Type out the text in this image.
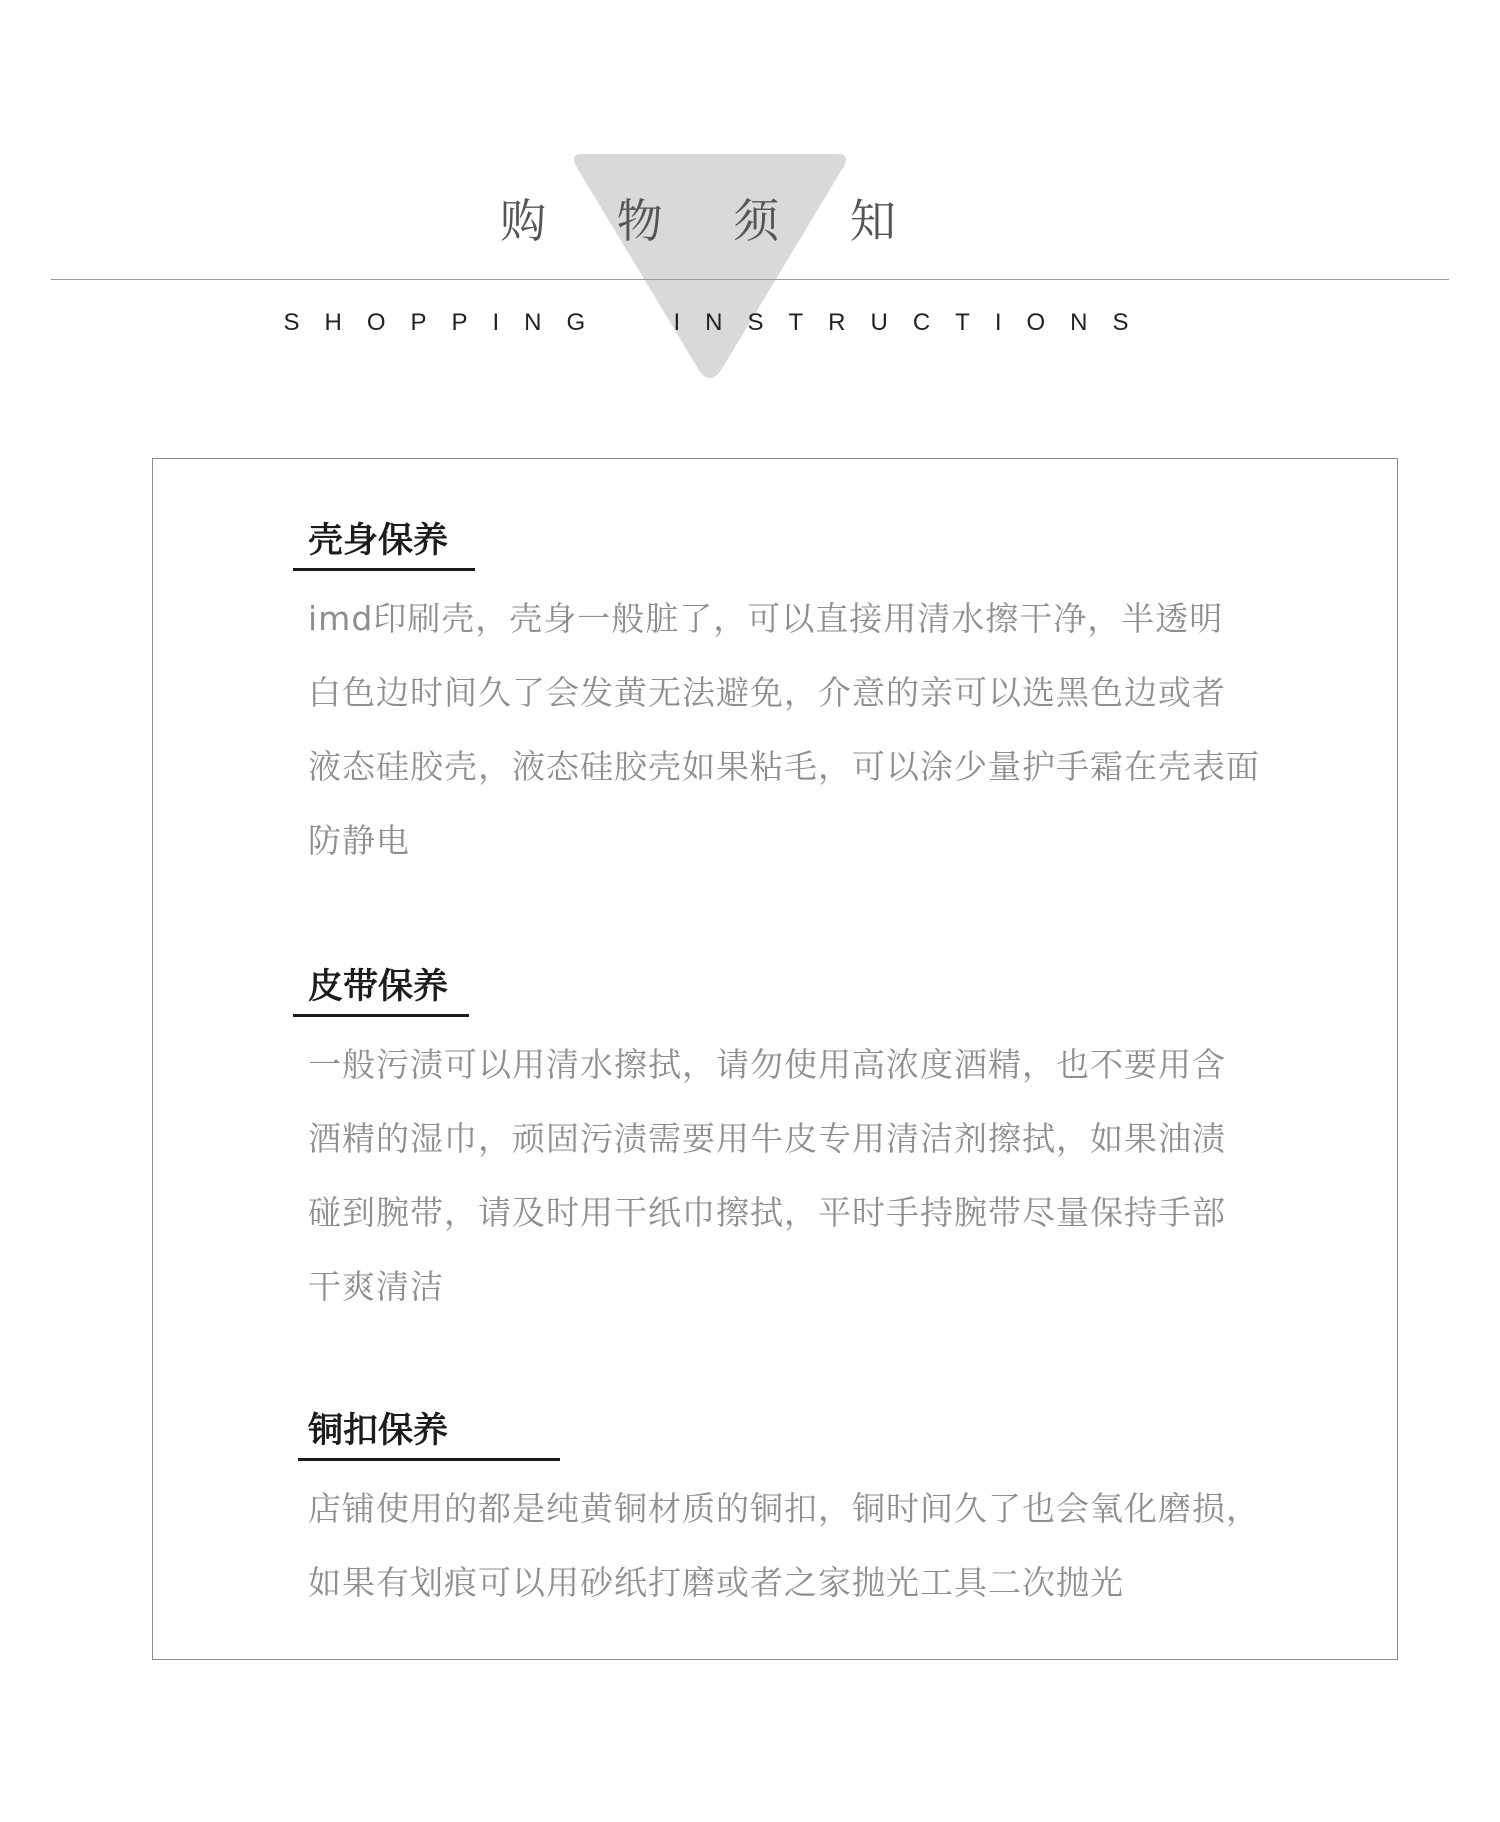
购 物 须 知
SHOPPING  INSTRUCTIONS
壳身保养
imd印刷壳，壳身一般脏了，可以直接用清水擦干净，半透明
白色边时间久了会发黄无法避免，介意的亲可以选黑色边或者
液态硅胶壳，液态硅胶壳如果粘毛，可以涂少量护手霜在壳表面
防静电
皮带保养
一般污渍可以用清水擦拭，请勿使用高浓度酒精，也不要用含
酒精的湿巾，顽固污渍需要用牛皮专用清洁剂擦拭，如果油渍
碰到腕带，请及时用干纸巾擦拭，平时手持腕带尽量保持手部
干爽清洁
铜扣保养
店铺使用的都是纯黄铜材质的铜扣，铜时间久了也会氧化磨损，
如果有划痕可以用砂纸打磨或者之家抛光工具二次抛光
